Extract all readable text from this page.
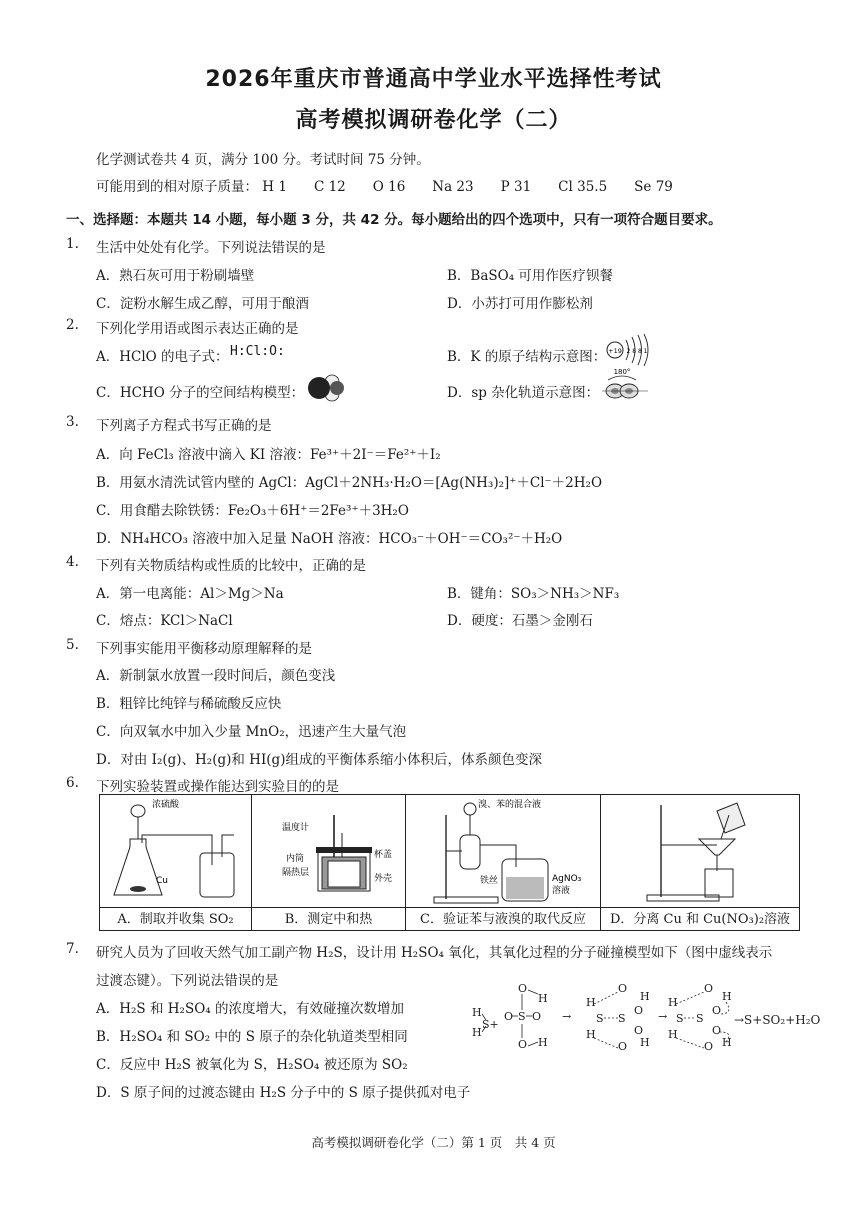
2026年重庆市普通高中学业水平选择性考试
高考模拟调研卷化学（二）
化学测试卷共 4 页，满分 100 分。考试时间 75 分钟。
可能用到的相对原子质量： H 1　　C 12　　O 16　　Na 23　　P 31　　Cl 35.5　　Se 79
一、选择题：本题共 14 小题，每小题 3 分，共 42 分。每小题给出的四个选项中，只有一项符合题目要求。
1. 生活中处处有化学。下列说法错误的是
A．熟石灰可用于粉刷墙壁	B．BaSO₄ 可用作医疗钡餐
C．淀粉水解生成乙醇，可用于酿酒	D．小苏打可用作膨松剂
2. 下列化学用语或图示表达正确的是
A．HClO 的电子式： H:Cl:O:	B．K 的原子结构示意图： +19 2 8 8 1
C．HCHO 分子的空间结构模型：	D．sp 杂化轨道示意图：
180°
3. 下列离子方程式书写正确的是
A．向 FeCl₃ 溶液中滴入 KI 溶液：Fe³⁺＋2I⁻＝Fe²⁺＋I₂
B．用氨水清洗试管内壁的 AgCl：AgCl＋2NH₃·H₂O＝[Ag(NH₃)₂]⁺＋Cl⁻＋2H₂O
C．用食醋去除铁锈：Fe₂O₃＋6H⁺＝2Fe³⁺＋3H₂O
D．NH₄HCO₃ 溶液中加入足量 NaOH 溶液：HCO₃⁻＋OH⁻＝CO₃²⁻＋H₂O
4. 下列有关物质结构或性质的比较中，正确的是
A．第一电离能：Al＞Mg＞Na	B．键角：SO₃＞NH₃＞NF₃
C．熔点：KCl＞NaCl	D．硬度：石墨＞金刚石
5. 下列事实能用平衡移动原理解释的是
A．新制氯水放置一段时间后，颜色变浅
B．粗锌比纯锌与稀硫酸反应快
C．向双氧水中加入少量 MnO₂，迅速产生大量气泡
D．对由 I₂(g)、H₂(g)和 HI(g)组成的平衡体系缩小体积后，体系颜色变深
6. 下列实验装置或操作能达到实验目的的是
浓硫酸
Cu
A．制取并收集 SO₂

温度计
杯盖
内筒
隔热层
外壳
B．测定中和热

溴、苯的混合液
铁丝	AgNO₃
溶液
C．验证苯与液溴的取代反应	D．分离 Cu 和 Cu(NO₃)₂溶液
7. 研究人员为了回收天然气加工副产物 H₂S，设计用 H₂SO₄ 氧化，其氧化过程的分子碰撞模型如下（图中虚线表示
过渡态键）。下列说法错误的是
A．H₂S 和 H₂SO₄ 的浓度增大，有效碰撞次数增加
B．H₂SO₄ 和 SO₂ 中的 S 原子的杂化轨道类型相同
C．反应中 H₂S 被氧化为 S，H₂SO₄ 被还原为 SO₂
D．S 原子间的过渡态键由 H₂S 分子中的 S 原子提供孤对电子
H
S+
H
O
S
O O
O
H
H
→
H
S
H
O
S
O
O
O
H
H
→
H
S
H
S
O
O
O
O
H
H
→S+SO₂+H₂O
高考模拟调研卷化学（二）第 1 页　共 4 页
